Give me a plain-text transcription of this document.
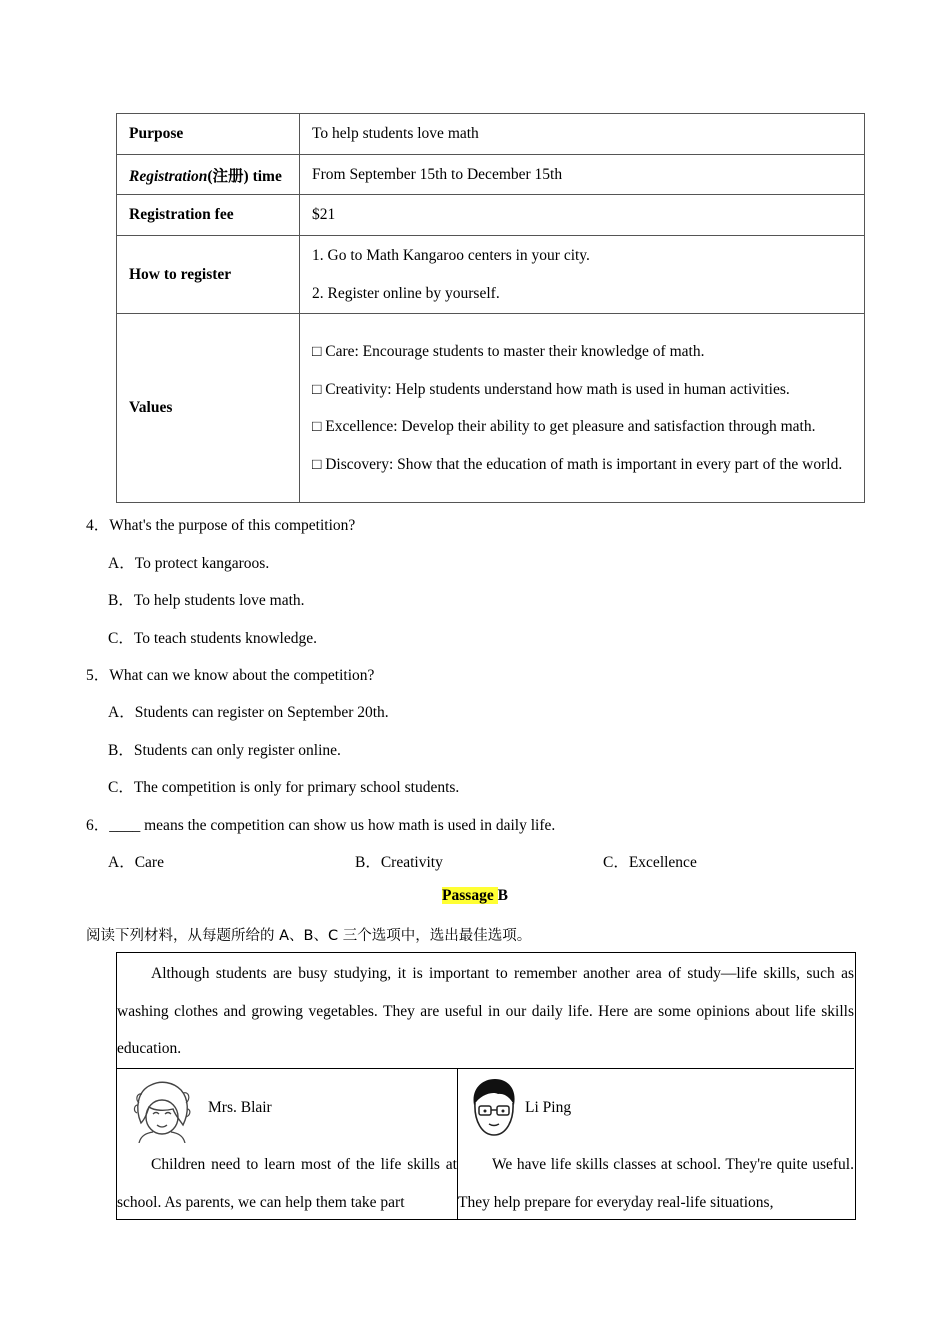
Purpose	To help students love math
Registration(注册) time	From September 15th to December 15th
Registration fee	$21
How to register	1. Go to Math Kangaroo centers in your city.

2. Register online by yourself.

Values	□ Care: Encourage students to master their knowledge of math.

□ Creativity: Help students understand how math is used in human activities.

□ Excellence: Develop their ability to get pleasure and satisfaction through math.

□ Discovery: Show that the education of math is important in every part of the world.

4．What's the purpose of this competition?
A．To protect kangaroos.
B．To help students love math.
C．To teach students knowledge.
5．What can we know about the competition?
A．Students can register on September 20th.
B．Students can only register online.
C．The competition is only for primary school students.
6．____ means the competition can show us how math is used in daily life.
A．Care	B．Creativity	C．Excellence
Passage B
阅读下列材料，从每题所给的 A、B、C 三个选项中，选出最佳选项。

Although students are busy studying, it is important to remember another area of study—life skills, such as washing clothes and growing vegetables. They are useful in our daily life. Here are some opinions about life skills education.

Mrs. Blair

Children need to learn most of the life skills at school. As parents, we can help them take part

Li Ping

We have life skills classes at school. They're quite useful. They help prepare for everyday real-life situations,
